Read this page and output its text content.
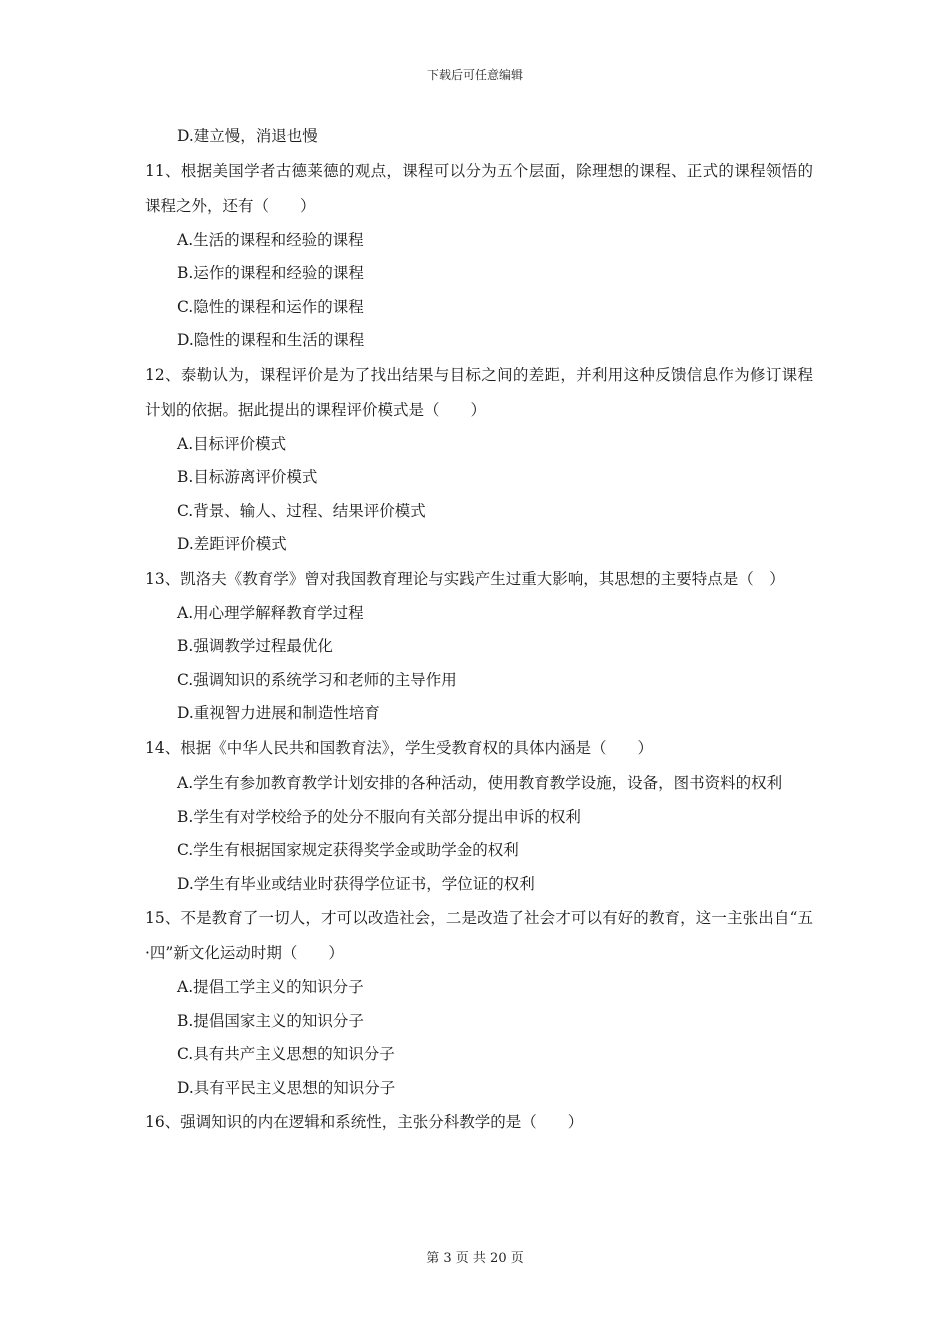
下载后可任意编辑
D.建立慢，消退也慢
11、根据美国学者古德莱德的观点，课程可以分为五个层面，除理想的课程、正式的课程领悟的课程之外，还有（　　）
A.生活的课程和经验的课程
B.运作的课程和经验的课程
C.隐性的课程和运作的课程
D.隐性的课程和生活的课程
12、泰勒认为，课程评价是为了找出结果与目标之间的差距，并利用这种反馈信息作为修订课程计划的依据。据此提出的课程评价模式是（　　）
A.目标评价模式
B.目标游离评价模式
C.背景、输人、过程、结果评价模式
D.差距评价模式
13、凯洛夫《教育学》曾对我国教育理论与实践产生过重大影响，其思想的主要特点是（　）
A.用心理学解释教育学过程
B.强调教学过程最优化
C.强调知识的系统学习和老师的主导作用
D.重视智力进展和制造性培育
14、根据《中华人民共和国教育法》，学生受教育权的具体内涵是（　　）
A.学生有参加教育教学计划安排的各种活动，使用教育教学设施，设备，图书资料的权利
B.学生有对学校给予的处分不服向有关部分提出申诉的权利
C.学生有根据国家规定获得奖学金或助学金的权利
D.学生有毕业或结业时获得学位证书，学位证的权利
15、不是教育了一切人，才可以改造社会，二是改造了社会才可以有好的教育，这一主张出自“五·四”新文化运动时期（　　）
A.提倡工学主义的知识分子
B.提倡国家主义的知识分子
C.具有共产主义思想的知识分子
D.具有平民主义思想的知识分子
16、强调知识的内在逻辑和系统性，主张分科教学的是（　　）
第 3 页 共 20 页
